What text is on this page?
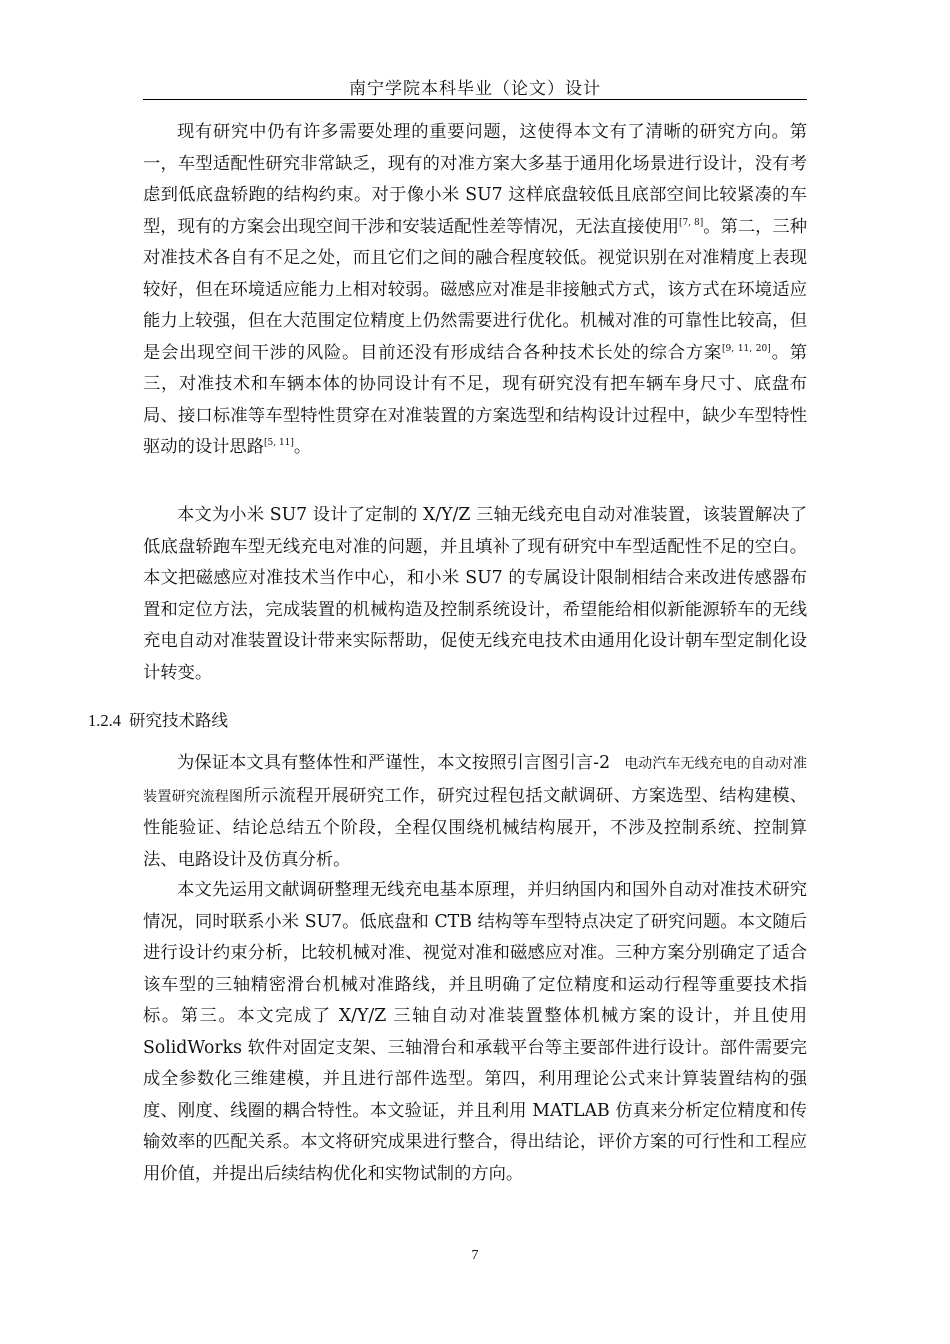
南宁学院本科毕业（论文）设计

现有研究中仍有许多需要处理的重要问题，这使得本文有了清晰的研究方向。第一，车型适配性研究非常缺乏，现有的对准方案大多基于通用化场景进行设计，没有考虑到低底盘轿跑的结构约束。对于像小米 SU7 这样底盘较低且底部空间比较紧凑的车型，现有的方案会出现空间干涉和安装适配性差等情况，无法直接使用[7, 8]。第二，三种对准技术各自有不足之处，而且它们之间的融合程度较低。视觉识别在对准精度上表现较好，但在环境适应能力上相对较弱。磁感应对准是非接触式方式，该方式在环境适应能力上较强，但在大范围定位精度上仍然需要进行优化。机械对准的可靠性比较高，但是会出现空间干涉的风险。目前还没有形成结合各种技术长处的综合方案[9, 11, 20]。第三，对准技术和车辆本体的协同设计有不足，现有研究没有把车辆车身尺寸、底盘布局、接口标准等车型特性贯穿在对准装置的方案选型和结构设计过程中，缺少车型特性驱动的设计思路[5, 11]。

本文为小米 SU7 设计了定制的 X/Y/Z 三轴无线充电自动对准装置，该装置解决了低底盘轿跑车型无线充电对准的问题，并且填补了现有研究中车型适配性不足的空白。本文把磁感应对准技术当作中心，和小米 SU7 的专属设计限制相结合来改进传感器布置和定位方法，完成装置的机械构造及控制系统设计，希望能给相似新能源轿车的无线充电自动对准装置设计带来实际帮助，促使无线充电技术由通用化设计朝车型定制化设计转变。

1.2.4 研究技术路线

为保证本文具有整体性和严谨性，本文按照引言图引言-2　电动汽车无线充电的自动对准装置研究流程图所示流程开展研究工作，研究过程包括文献调研、方案选型、结构建模、性能验证、结论总结五个阶段，全程仅围绕机械结构展开，不涉及控制系统、控制算法、电路设计及仿真分析。

本文先运用文献调研整理无线充电基本原理，并归纳国内和国外自动对准技术研究情况，同时联系小米 SU7。低底盘和 CTB 结构等车型特点决定了研究问题。本文随后进行设计约束分析，比较机械对准、视觉对准和磁感应对准。三种方案分别确定了适合该车型的三轴精密滑台机械对准路线，并且明确了定位精度和运动行程等重要技术指标。第三。本文完成了 X/Y/Z 三轴自动对准装置整体机械方案的设计，并且使用 SolidWorks 软件对固定支架、三轴滑台和承载平台等主要部件进行设计。部件需要完成全参数化三维建模，并且进行部件选型。第四，利用理论公式来计算装置结构的强度、刚度、线圈的耦合特性。本文验证，并且利用 MATLAB 仿真来分析定位精度和传输效率的匹配关系。本文将研究成果进行整合，得出结论，评价方案的可行性和工程应用价值，并提出后续结构优化和实物试制的方向。

7
